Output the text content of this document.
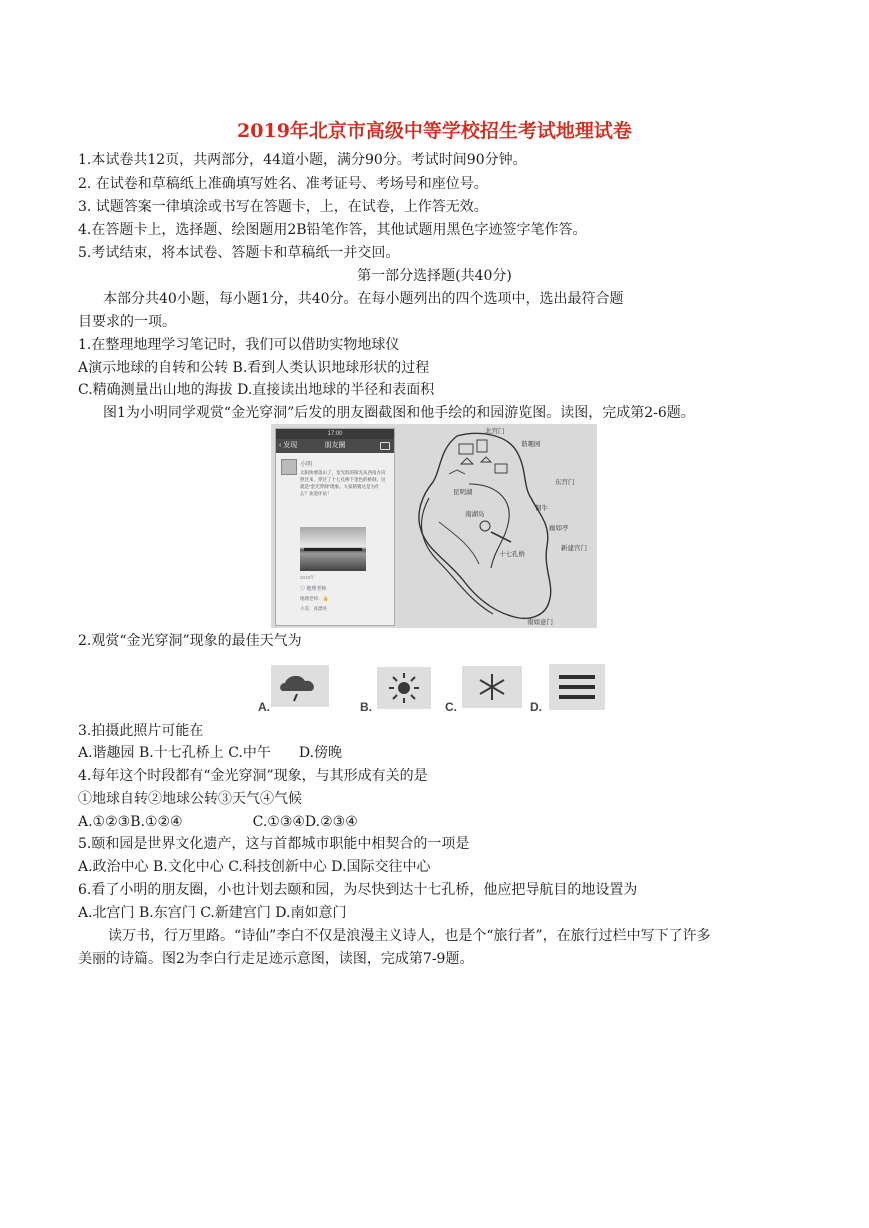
2019年北京市高级中等学校招生考试地理试卷
1.本试卷共12页，共两部分，44道小题，满分90分。考试时间90分钟。
2. 在试卷和草稿纸上准确填写姓名、准考证号、考场号和座位号。
3. 试题答案一律填涂或书写在答题卡，上，在试卷，上作答无效。
4.在答题卡上，选择题、绘图题用2B铅笔作答，其他试题用黑色字迹签字笔作答。
5.考试结束，将本试卷、答题卡和草稿纸一并交回。
第一部分选择题(共40分)
本部分共40小题，每小题1分，共40分。在每小题列出的四个选项中，选出最符合题
目要求的一项。
1.在整理地理学习笔记时，我们可以借助实物地球仪
A演示地球的自转和公转 B.看到人类认识地球形状的过程
C.精确测量出山地的海拔 D.直接读出地球的半径和表面积
图1为小明同学观赏“金光穿洞”后发的朋友圈截图和他手绘的和园游览图。读图，完成第2-6题。
17:00
‹ 发现	朋友圈
小明
太阳快要落山了，金光似的阳光从西南方向照过来，穿过了十七孔桥下金色的桥洞，这就是“金光穿洞”现象。大家猜猜这是为什么？欢迎评论！
2019年
♡ 地理老师
地理老师：👍
小美：真漂亮
北宫门
谐趣园
东宫门
新建宫门
十七孔桥
南湖岛
南如意门
昆明湖
铜牛
廊如亭
2.观赏“金光穿洞”现象的最佳天气为
A.	B.	C.	D.
3.拍摄此照片可能在
A.谐趣园 B.十七孔桥上 C.中午　　D.傍晚
4.每年这个时段都有“金光穿洞”现象，与其形成有关的是
①地球自转②地球公转③天气④气候
A.①②③B.①②④　　　　　C.①③④D.②③④
5.颐和园是世界文化遗产，这与首都城市职能中相契合的一项是
A.政治中心 B.文化中心 C.科技创新中心 D.国际交往中心
6.看了小明的朋友圈，小也计划去颐和园，为尽快到达十七孔桥，他应把导航目的地设置为
A.北宫门 B.东宫门 C.新建宫门 D.南如意门
读万书，行万里路。“诗仙”李白不仅是浪漫主义诗人，也是个“旅行者”，在旅行过栏中写下了许多
美丽的诗篇。图2为李白行走足迹示意图，读图，完成第7-9题。
